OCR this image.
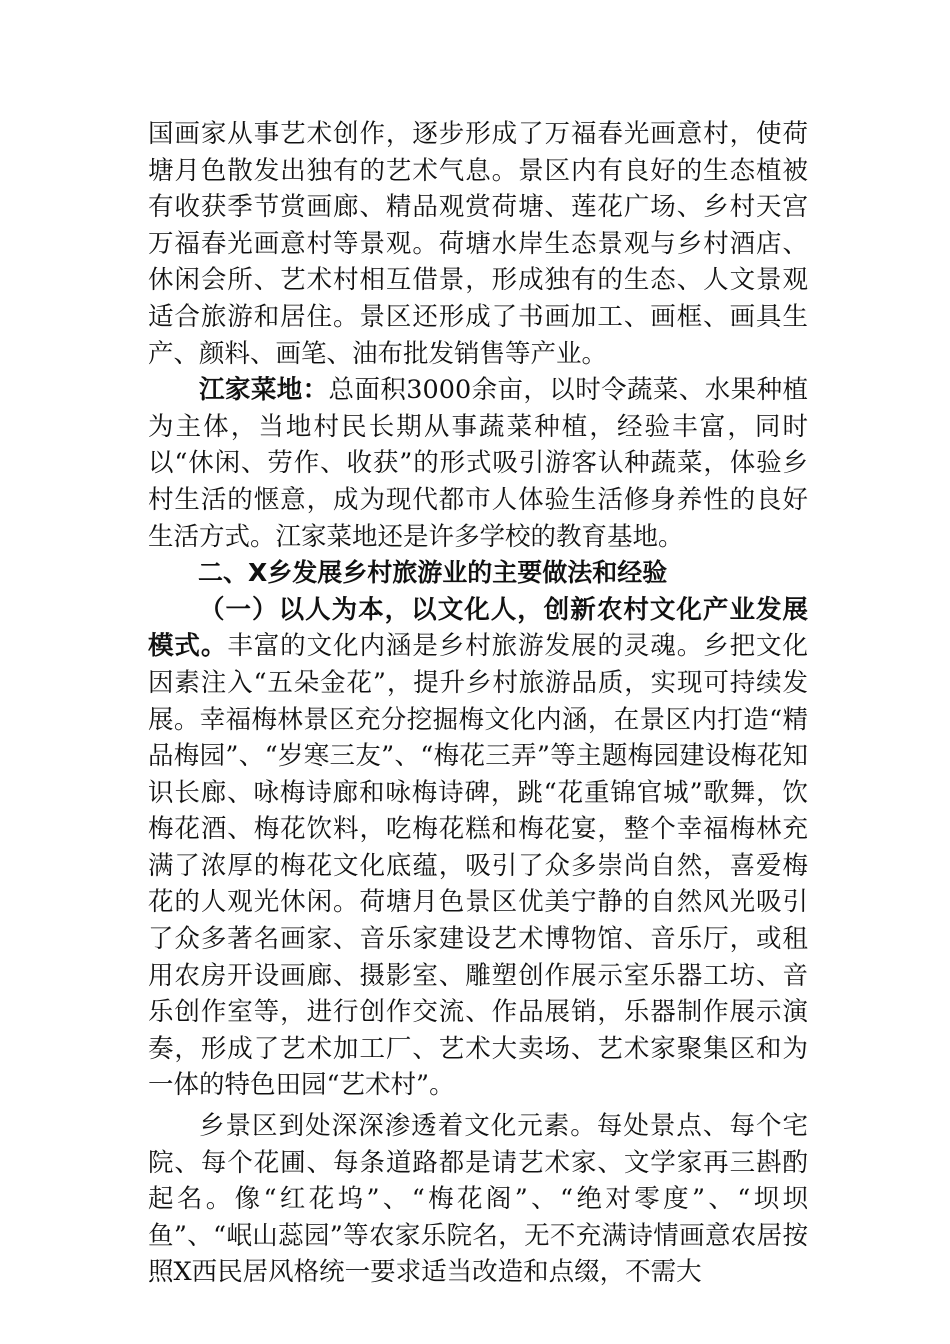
国画家从事艺术创作，逐步形成了万福春光画意村，使荷塘月色散发出独有的艺术气息。景区内有良好的生态植被有收获季节赏画廊、精品观赏荷塘、莲花广场、乡村天宫万福春光画意村等景观。荷塘水岸生态景观与乡村酒店、休闲会所、艺术村相互借景，形成独有的生态、人文景观适合旅游和居住。景区还形成了书画加工、画框、画具生产、颜料、画笔、油布批发销售等产业。

江家菜地：总面积3000余亩，以时令蔬菜、水果种植为主体，当地村民长期从事蔬菜种植，经验丰富，同时以“休闲、劳作、收获”的形式吸引游客认种蔬菜，体验乡村生活的惬意，成为现代都市人体验生活修身养性的良好生活方式。江家菜地还是许多学校的教育基地。

二、X乡发展乡村旅游业的主要做法和经验

（一）以人为本，以文化人，创新农村文化产业发展模式。丰富的文化内涵是乡村旅游发展的灵魂。乡把文化因素注入“五朵金花”，提升乡村旅游品质，实现可持续发展。幸福梅林景区充分挖掘梅文化内涵，在景区内打造“精品梅园”、“岁寒三友”、“梅花三弄”等主题梅园建设梅花知识长廊、咏梅诗廊和咏梅诗碑，跳“花重锦官城”歌舞，饮梅花酒、梅花饮料，吃梅花糕和梅花宴，整个幸福梅林充满了浓厚的梅花文化底蕴，吸引了众多崇尚自然，喜爱梅花的人观光休闲。荷塘月色景区优美宁静的自然风光吸引了众多著名画家、音乐家建设艺术博物馆、音乐厅，或租用农房开设画廊、摄影室、雕塑创作展示室乐器工坊、音乐创作室等，进行创作交流、作品展销，乐器制作展示演奏，形成了艺术加工厂、艺术大卖场、艺术家聚集区和为一体的特色田园“艺术村”。

乡景区到处深深渗透着文化元素。每处景点、每个宅院、每个花圃、每条道路都是请艺术家、文学家再三斟酌起名。像“红花坞”、“梅花阁”、“绝对零度”、“坝坝鱼”、“岷山蕊园”等农家乐院名，无不充满诗情画意农居按照X西民居风格统一要求适当改造和点缀，不需大
